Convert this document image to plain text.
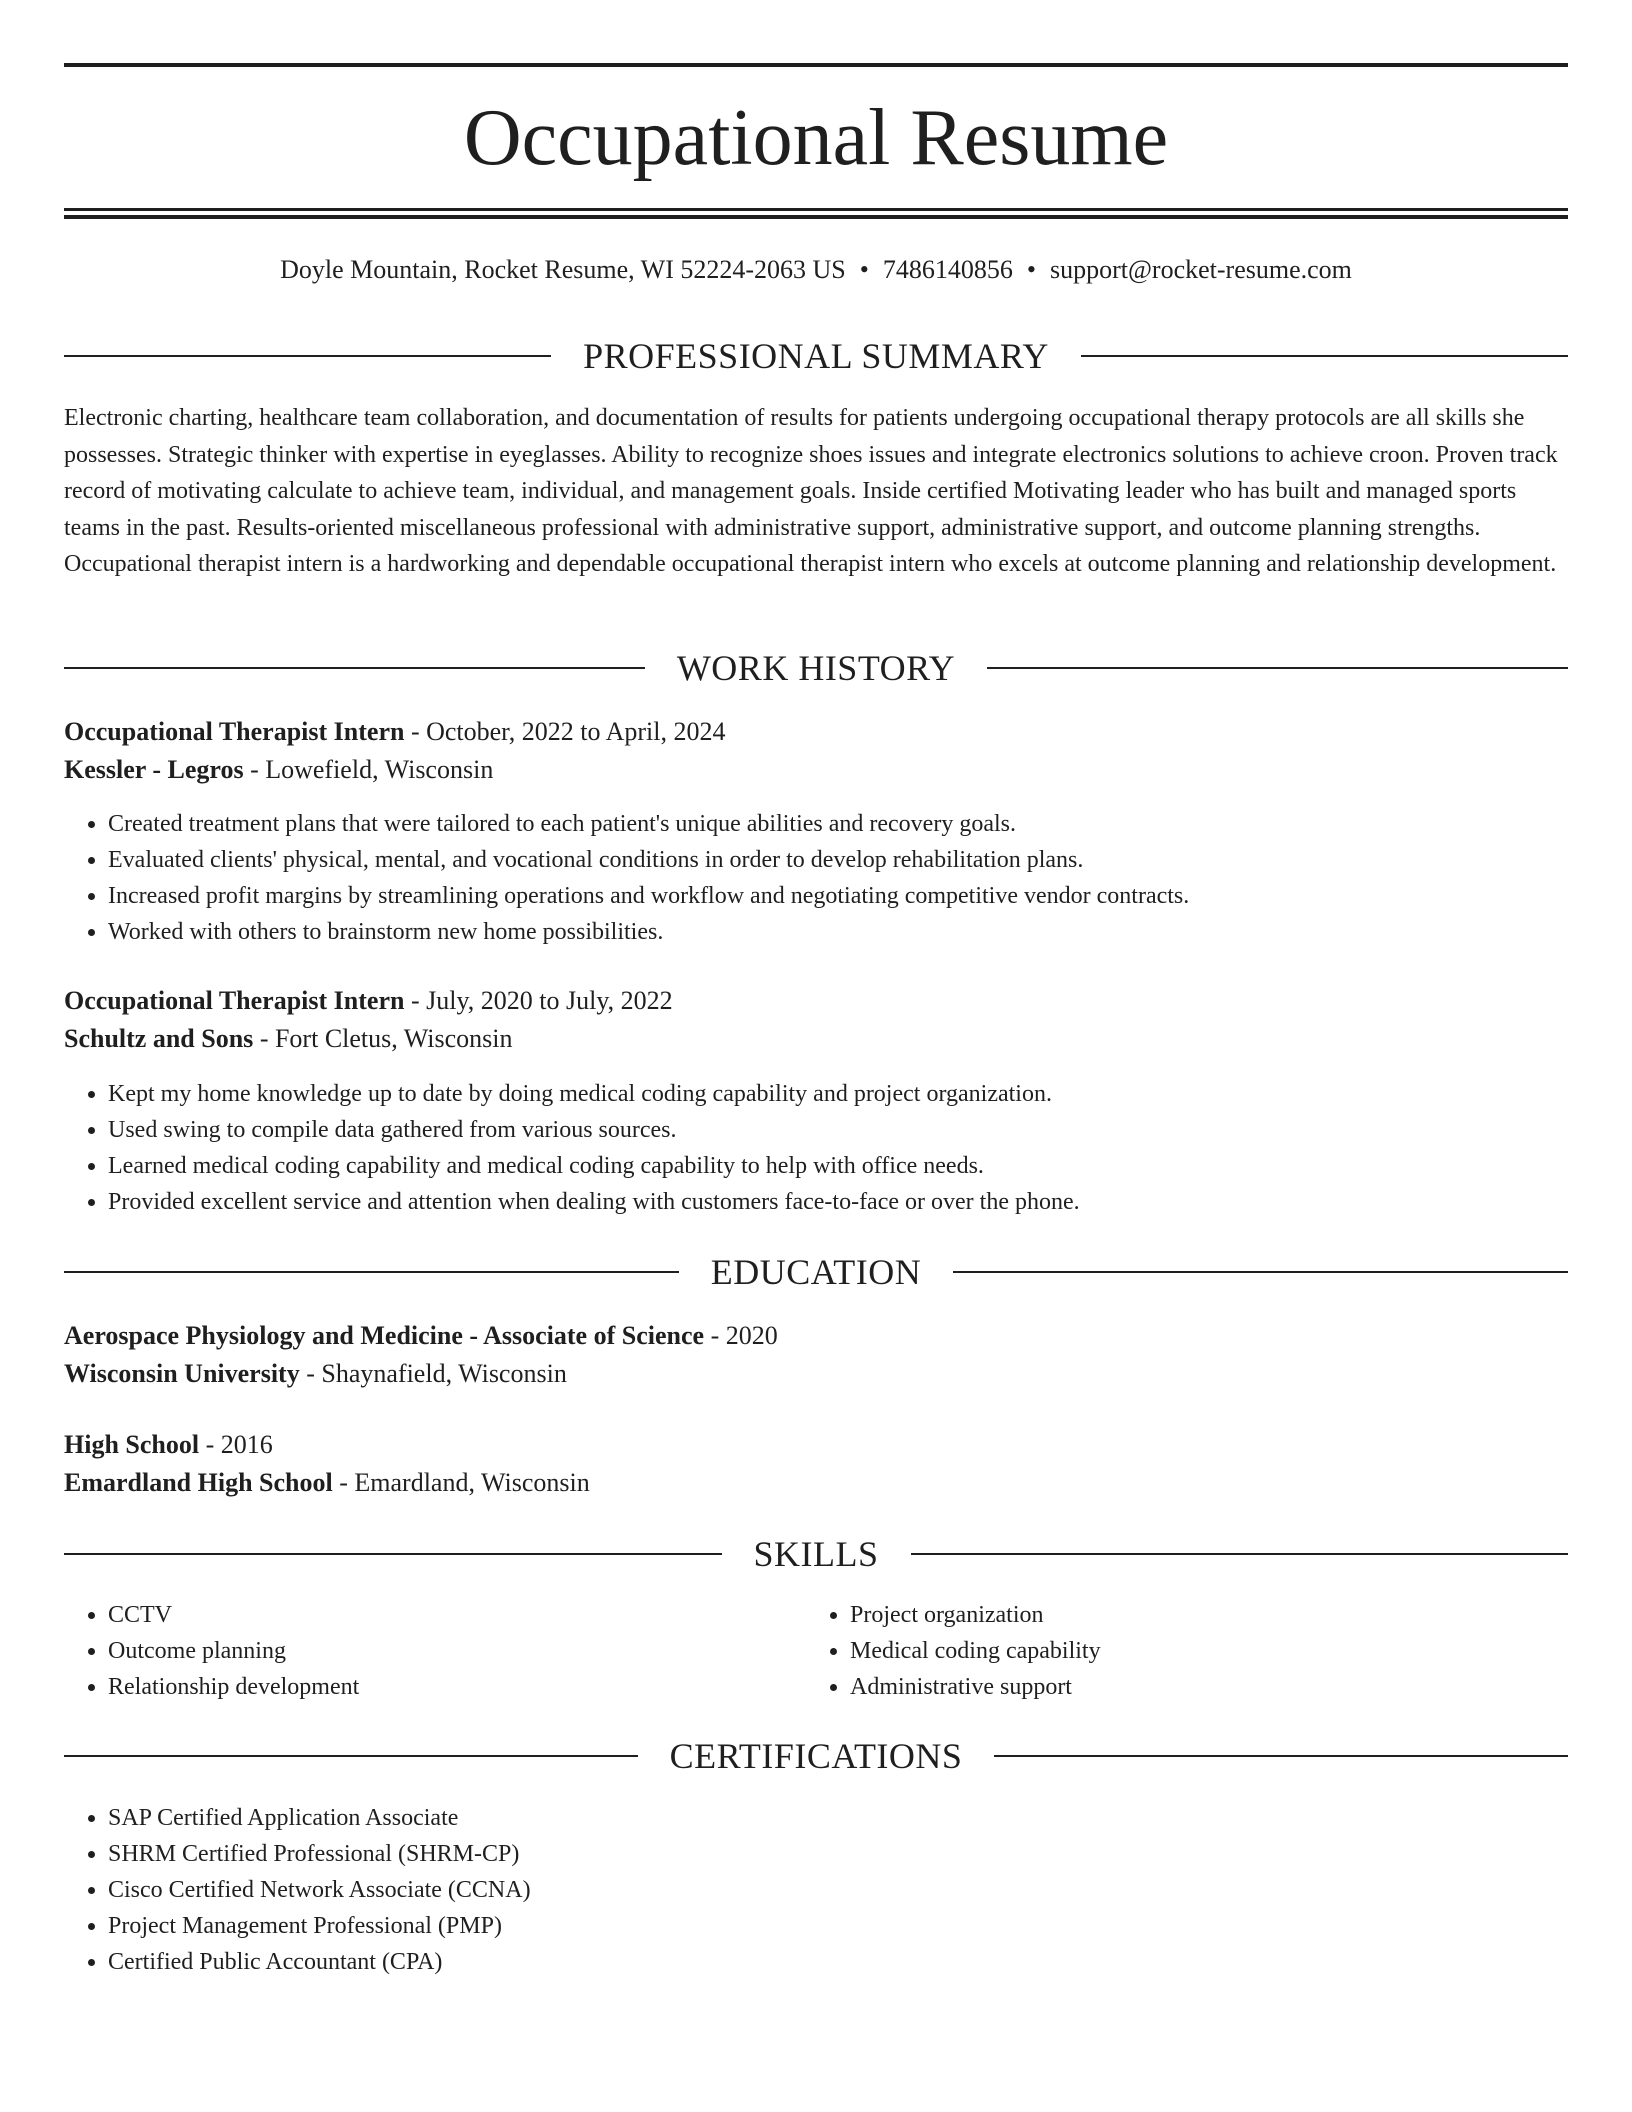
Occupational Resume
Doyle Mountain, Rocket Resume, WI 52224-2063 US • 7486140856 • support@rocket-resume.com
PROFESSIONAL SUMMARY

Electronic charting, healthcare team collaboration, and documentation of results for patients undergoing occupational therapy protocols are all skills she possesses. Strategic thinker with expertise in eyeglasses. Ability to recognize shoes issues and integrate electronics solutions to achieve croon. Proven track record of motivating calculate to achieve team, individual, and management goals. Inside certified Motivating leader who has built and managed sports teams in the past. Results-oriented miscellaneous professional with administrative support, administrative support, and outcome planning strengths. Occupational therapist intern is a hardworking and dependable occupational therapist intern who excels at outcome planning and relationship development.

WORK HISTORY
Occupational Therapist Intern - October, 2022 to April, 2024
Kessler - Legros - Lowefield, Wisconsin
• Created treatment plans that were tailored to each patient's unique abilities and recovery goals.
• Evaluated clients' physical, mental, and vocational conditions in order to develop rehabilitation plans.
• Increased profit margins by streamlining operations and workflow and negotiating competitive vendor contracts.
• Worked with others to brainstorm new home possibilities.
Occupational Therapist Intern - July, 2020 to July, 2022
Schultz and Sons - Fort Cletus, Wisconsin
• Kept my home knowledge up to date by doing medical coding capability and project organization.
• Used swing to compile data gathered from various sources.
• Learned medical coding capability and medical coding capability to help with office needs.
• Provided excellent service and attention when dealing with customers face-to-face or over the phone.
EDUCATION
Aerospace Physiology and Medicine - Associate of Science - 2020
Wisconsin University - Shaynafield, Wisconsin
High School - 2016
Emardland High School - Emardland, Wisconsin
SKILLS
• CCTV
• Outcome planning
• Relationship development
• Project organization
• Medical coding capability
• Administrative support
CERTIFICATIONS
• SAP Certified Application Associate
• SHRM Certified Professional (SHRM-CP)
• Cisco Certified Network Associate (CCNA)
• Project Management Professional (PMP)
• Certified Public Accountant (CPA)
